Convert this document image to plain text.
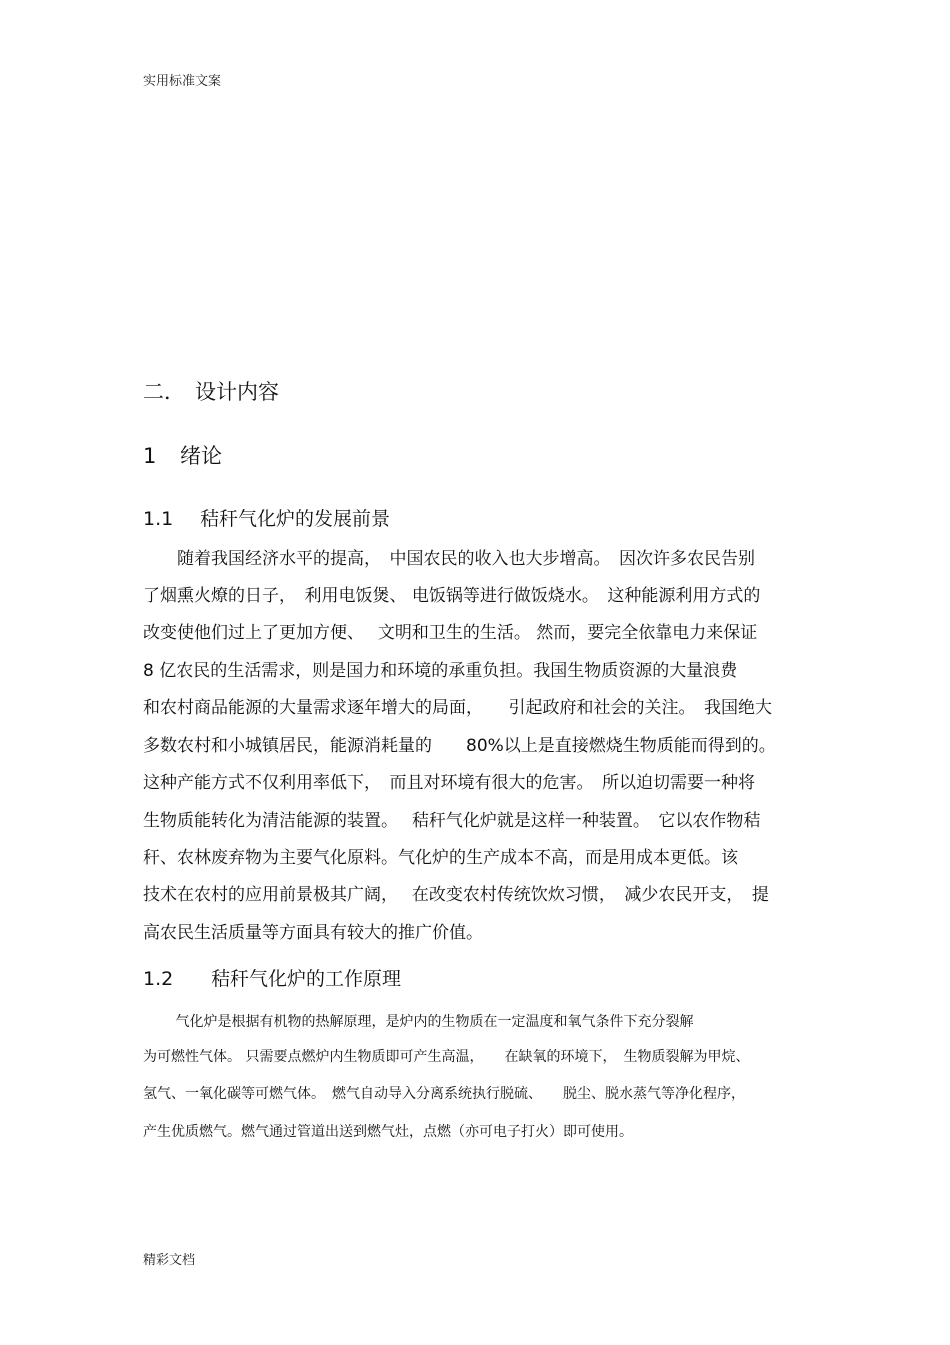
实用标准文案
二． 设计内容
1 绪论
1.1 秸秆气化炉的发展前景
　　随着我国经济水平的提高，　中国农民的收入也大步增高。　因次许多农民告别
了烟熏火燎的日子，　利用电饭煲、 电饭锅等进行做饭烧水。　这种能源利用方式的
改变使他们过上了更加方便、　 文明和卫生的生活。 然而，要完全依靠电力来保证
8 亿农民的生活需求，则是国力和环境的承重负担。我国生物质资源的大量浪费
和农村商品能源的大量需求逐年增大的局面，　　引起政府和社会的关注。　我国绝大
多数农村和小城镇居民，能源消耗量的　　80%以上是直接燃烧生物质能而得到的。
这种产能方式不仅利用率低下，　而且对环境有很大的危害。　所以迫切需要一种将
生物质能转化为清洁能源的装置。　 秸秆气化炉就是这样一种装置。　它以农作物秸
秆、农林废弃物为主要气化原料。气化炉的生产成本不高，而是用成本更低。该
技术在农村的应用前景极其广阔，　 在改变农村传统饮炊习惯，　减少农民开支，　提
高农民生活质量等方面具有较大的推广价值。
1.2 秸秆气化炉的工作原理
　　 气化炉是根据有机物的热解原理，是炉内的生物质在一定温度和氧气条件下充分裂解
为可燃性气体。 只需要点燃炉内生物质即可产生高温，　　在缺氧的环境下，　生物质裂解为甲烷、
氢气、一氧化碳等可燃气体。　燃气自动导入分离系统执行脱硫、　　脱尘、脱水蒸气等净化程序，
产生优质燃气。燃气通过管道出送到燃气灶，点燃（亦可电子打火）即可使用。
精彩文档
